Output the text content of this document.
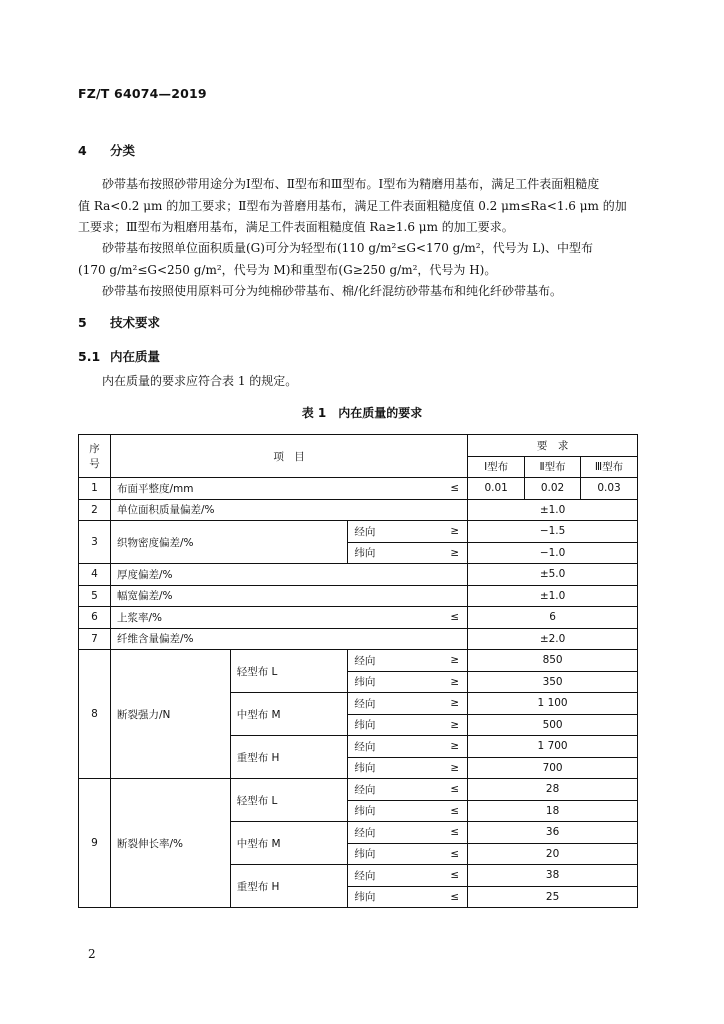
FZ/T 64074—2019
4 分类
砂带基布按照砂带用途分为Ⅰ型布、Ⅱ型布和Ⅲ型布。Ⅰ型布为精磨用基布，满足工件表面粗糙度
值 Ra<0.2 μm 的加工要求；Ⅱ型布为普磨用基布，满足工件表面粗糙度值 0.2 μm≤Ra<1.6 μm 的加
工要求；Ⅲ型布为粗磨用基布，满足工件表面粗糙度值 Ra≥1.6 μm 的加工要求。
砂带基布按照单位面积质量(G)可分为轻型布(110 g/m²≤G<170 g/m²，代号为 L)、中型布
(170 g/m²≤G<250 g/m²，代号为 M)和重型布(G≥250 g/m²，代号为 H)。
砂带基布按照使用原料可分为纯棉砂带基布、棉/化纤混纺砂带基布和纯化纤砂带基布。
5 技术要求
5.1 内在质量
内在质量的要求应符合表 1 的规定。
表 1　内在质量的要求
序号	项　目				要　求		
					Ⅰ型布	Ⅱ型布	Ⅲ型布
1	布面平整度/mm			≤	0.01	0.02	0.03
2	单位面积质量偏差/%				±1.0		
3	织物密度偏差/%		经向	≥	−1.5		
			纬向	≥	−1.0		
4	厚度偏差/%				±5.0		
5	幅宽偏差/%				±1.0		
6	上浆率/%			≤	6		
7	纤维含量偏差/%				±2.0		
8	断裂强力/N	轻型布 L	经向	≥	850		
			纬向	≥	350		
		中型布 M	经向	≥	1 100		
			纬向	≥	500		
		重型布 H	经向	≥	1 700		
			纬向	≥	700		
9	断裂伸长率/%	轻型布 L	经向	≤	28		
			纬向	≤	18		
		中型布 M	经向	≤	36		
			纬向	≤	20		
		重型布 H	经向	≤	38		
			纬向	≤	25		
2
